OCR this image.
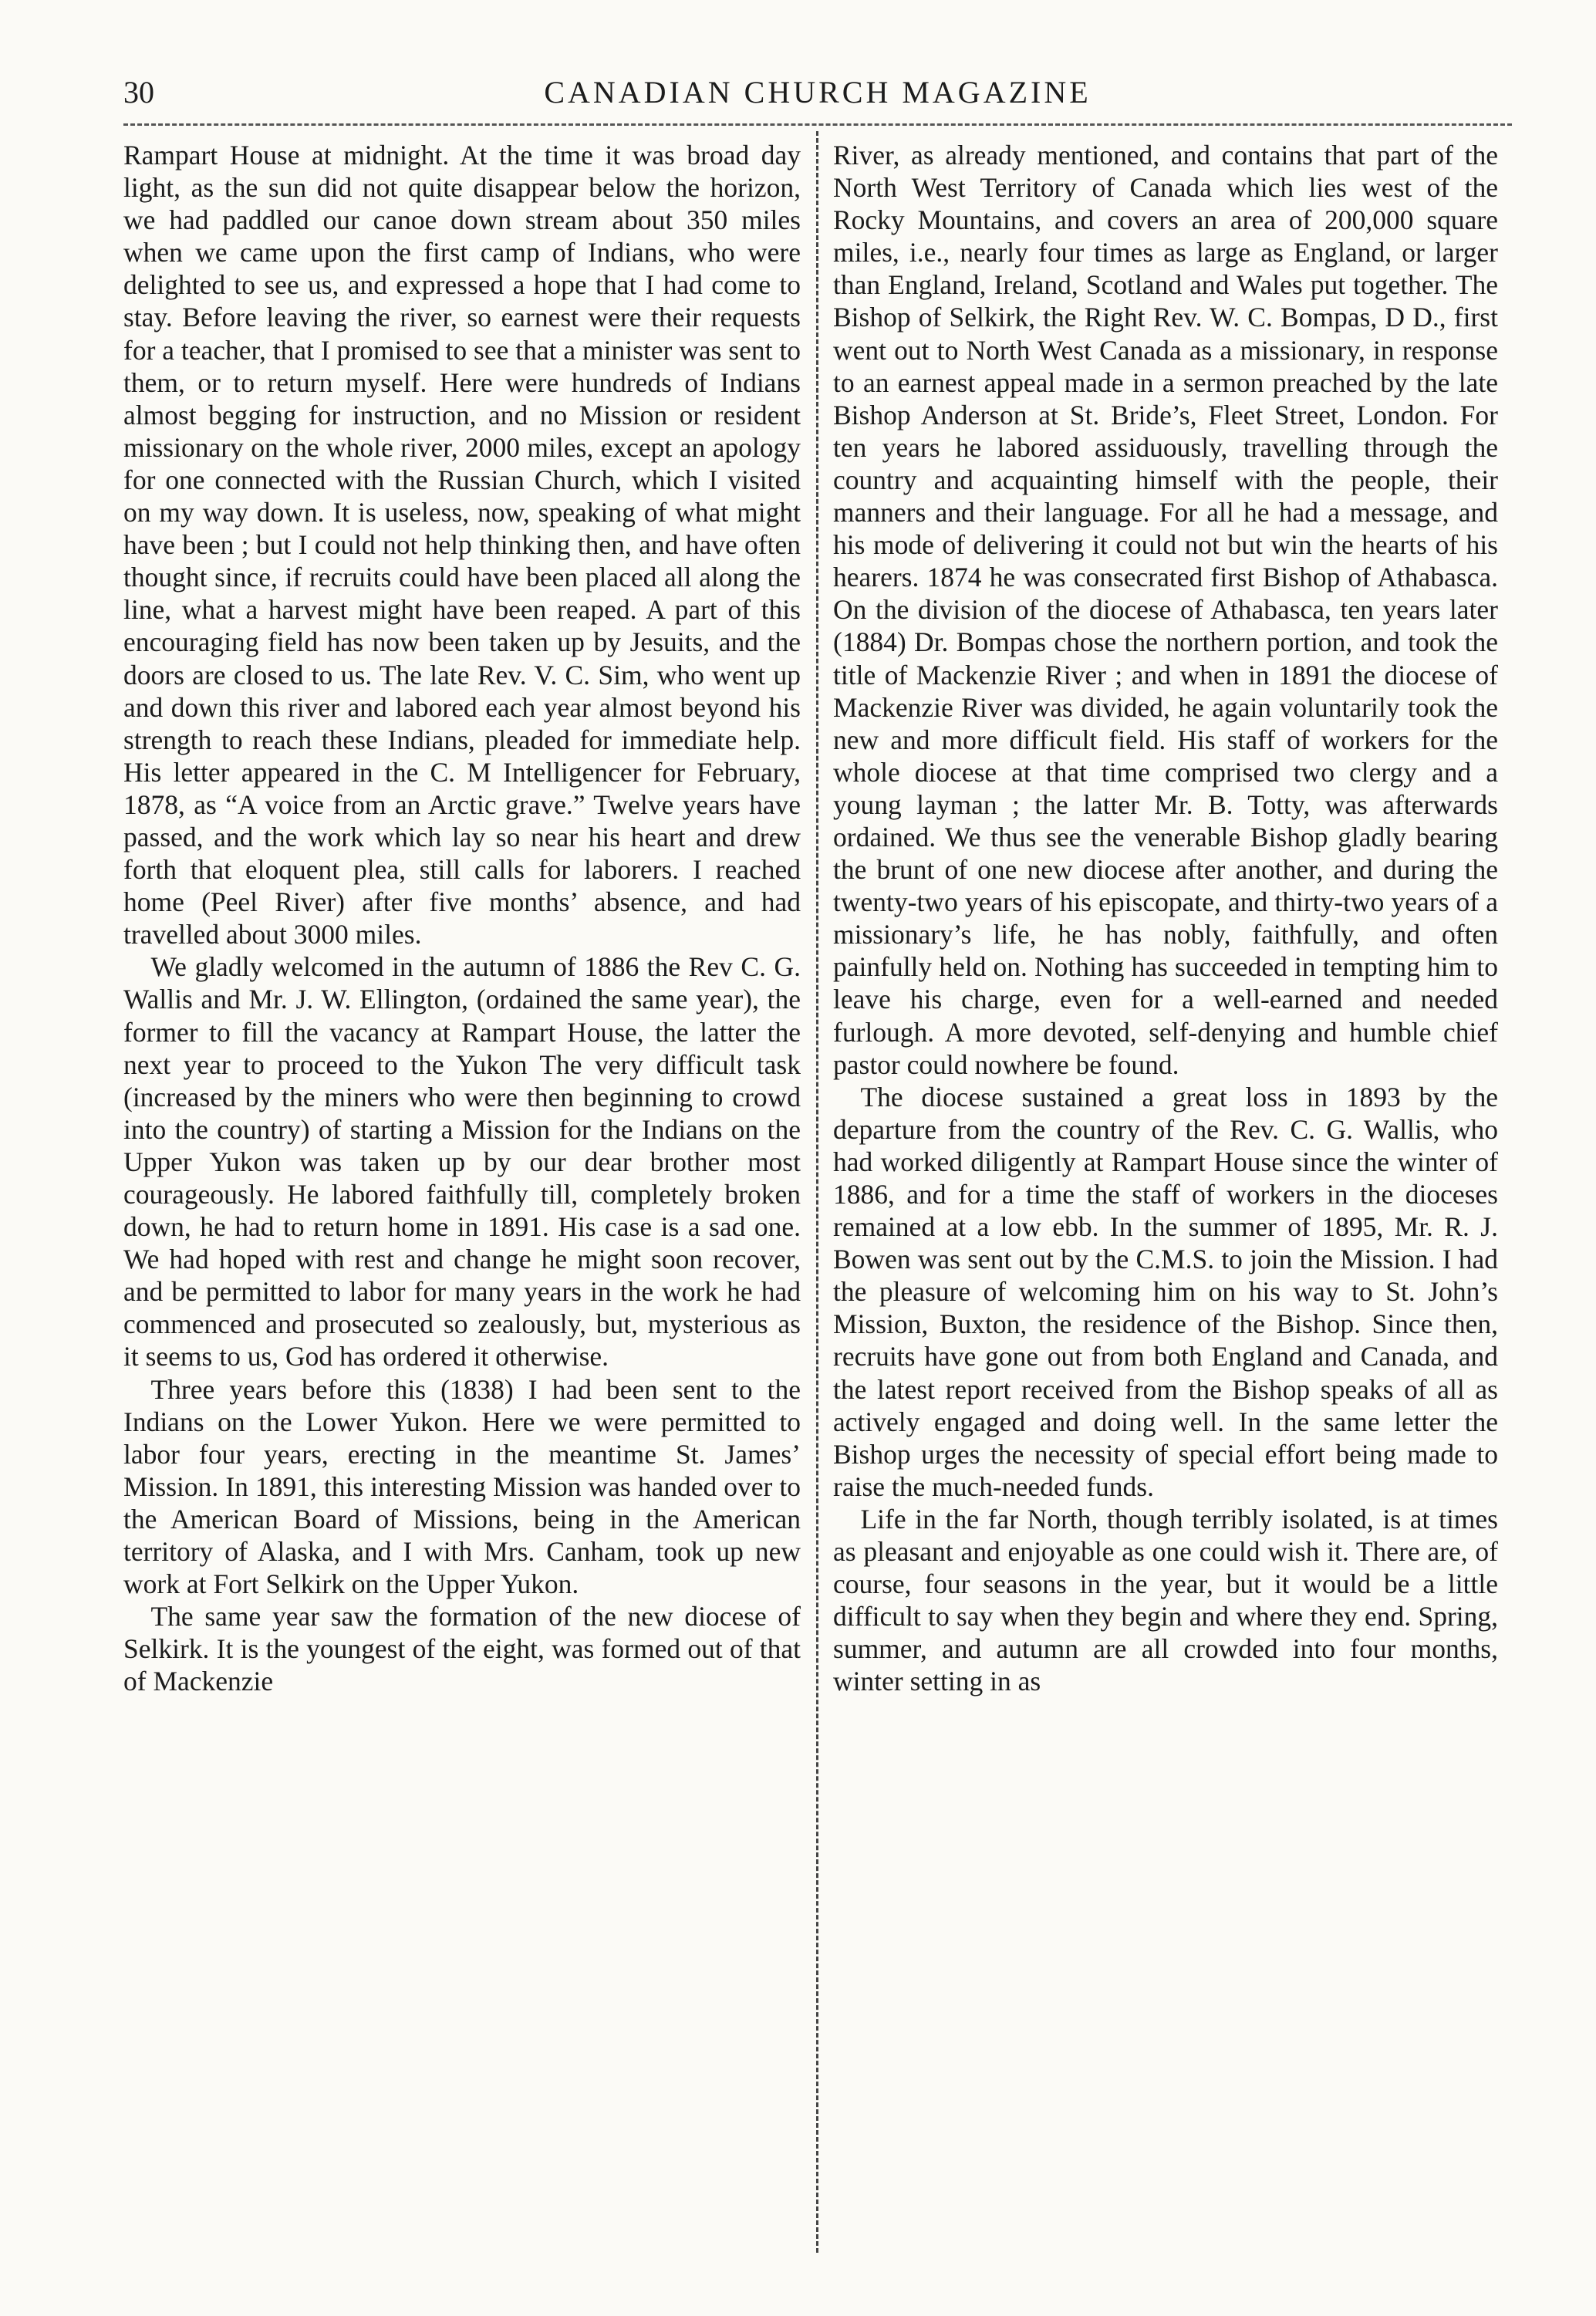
30	CANADIAN CHURCH MAGAZINE

Rampart House at midnight. At the time it was broad day light, as the sun did not quite disappear below the horizon, we had paddled our canoe down stream about 350 miles when we came upon the first camp of Indians, who were delighted to see us, and expressed a hope that I had come to stay. Before leaving the river, so earnest were their requests for a teacher, that I promised to see that a minister was sent to them, or to return myself. Here were hundreds of Indians almost begging for instruction, and no Mission or resident missionary on the whole river, 2000 miles, except an apology for one connected with the Russian Church, which I visited on my way down. It is useless, now, speaking of what might have been ; but I could not help thinking then, and have often thought since, if recruits could have been placed all along the line, what a harvest might have been reaped. A part of this encouraging field has now been taken up by Jesuits, and the doors are closed to us. The late Rev. V. C. Sim, who went up and down this river and labored each year almost beyond his strength to reach these Indians, pleaded for immediate help. His letter appeared in the C. M Intelligencer for February, 1878, as “A voice from an Arctic grave.” Twelve years have passed, and the work which lay so near his heart and drew forth that eloquent plea, still calls for laborers. I reached home (Peel River) after five months’ absence, and had travelled about 3000 miles.

We gladly welcomed in the autumn of 1886 the Rev C. G. Wallis and Mr. J. W. Ellington, (ordained the same year), the former to fill the vacancy at Rampart House, the latter the next year to proceed to the Yukon The very difficult task (increased by the miners who were then beginning to crowd into the country) of starting a Mission for the Indians on the Upper Yukon was taken up by our dear brother most courageously. He labored faithfully till, completely broken down, he had to return home in 1891. His case is a sad one. We had hoped with rest and change he might soon recover, and be permitted to labor for many years in the work he had commenced and prosecuted so zealously, but, mysterious as it seems to us, God has ordered it otherwise.

Three years before this (1838) I had been sent to the Indians on the Lower Yukon. Here we were permitted to labor four years, erecting in the meantime St. James’ Mission. In 1891, this interesting Mission was handed over to the American Board of Missions, being in the American territory of Alaska, and I with Mrs. Canham, took up new work at Fort Selkirk on the Upper Yukon.

The same year saw the formation of the new diocese of Selkirk. It is the youngest of the eight, was formed out of that of Mackenzie

River, as already mentioned, and contains that part of the North West Territory of Canada which lies west of the Rocky Mountains, and covers an area of 200,000 square miles, i.e., nearly four times as large as England, or larger than England, Ireland, Scotland and Wales put together. The Bishop of Selkirk, the Right Rev. W. C. Bompas, D D., first went out to North West Canada as a missionary, in response to an earnest appeal made in a sermon preached by the late Bishop Anderson at St. Bride’s, Fleet Street, London. For ten years he labored assiduously, travelling through the country and acquainting himself with the people, their manners and their language. For all he had a message, and his mode of delivering it could not but win the hearts of his hearers. 1874 he was consecrated first Bishop of Athabasca. On the division of the diocese of Athabasca, ten years later (1884) Dr. Bompas chose the northern portion, and took the title of Mackenzie River ; and when in 1891 the diocese of Mackenzie River was divided, he again voluntarily took the new and more difficult field. His staff of workers for the whole diocese at that time comprised two clergy and a young layman ; the latter Mr. B. Totty, was afterwards ordained. We thus see the venerable Bishop gladly bearing the brunt of one new diocese after another, and during the twenty-two years of his episcopate, and thirty-two years of a missionary’s life, he has nobly, faithfully, and often painfully held on. Nothing has succeeded in tempting him to leave his charge, even for a well-earned and needed furlough. A more devoted, self-denying and humble chief pastor could nowhere be found.

The diocese sustained a great loss in 1893 by the departure from the country of the Rev. C. G. Wallis, who had worked diligently at Rampart House since the winter of 1886, and for a time the staff of workers in the dioceses remained at a low ebb. In the summer of 1895, Mr. R. J. Bowen was sent out by the C.M.S. to join the Mission. I had the pleasure of welcoming him on his way to St. John’s Mission, Buxton, the residence of the Bishop. Since then, recruits have gone out from both England and Canada, and the latest report received from the Bishop speaks of all as actively engaged and doing well. In the same letter the Bishop urges the necessity of special effort being made to raise the much-needed funds.

Life in the far North, though terribly isolated, is at times as pleasant and enjoyable as one could wish it. There are, of course, four seasons in the year, but it would be a little difficult to say when they begin and where they end. Spring, summer, and autumn are all crowded into four months, winter setting in as
